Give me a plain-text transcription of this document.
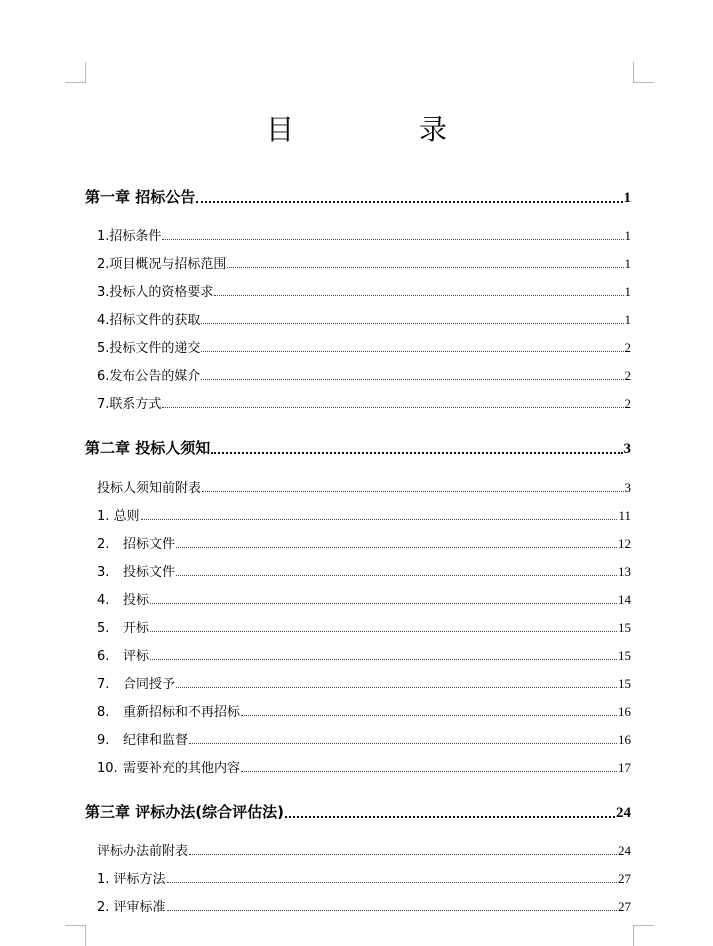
目 录
第一章 招标公告	1
1.招标条件	1
2.项目概况与招标范围	1
3.投标人的资格要求	1
4.招标文件的获取	1
5.投标文件的递交	2
6.发布公告的媒介	2
7.联系方式	2
第二章 投标人须知	3
投标人须知前附表	3
1. 总则	11
2. 招标文件	12
3. 投标文件	13
4. 投标	14
5. 开标	15
6. 评标	15
7. 合同授予	15
8. 重新招标和不再招标	16
9. 纪律和监督	16
10. 需要补充的其他内容	17
第三章 评标办法(综合评估法)	24
评标办法前附表	24
1. 评标方法	27
2. 评审标准	27
